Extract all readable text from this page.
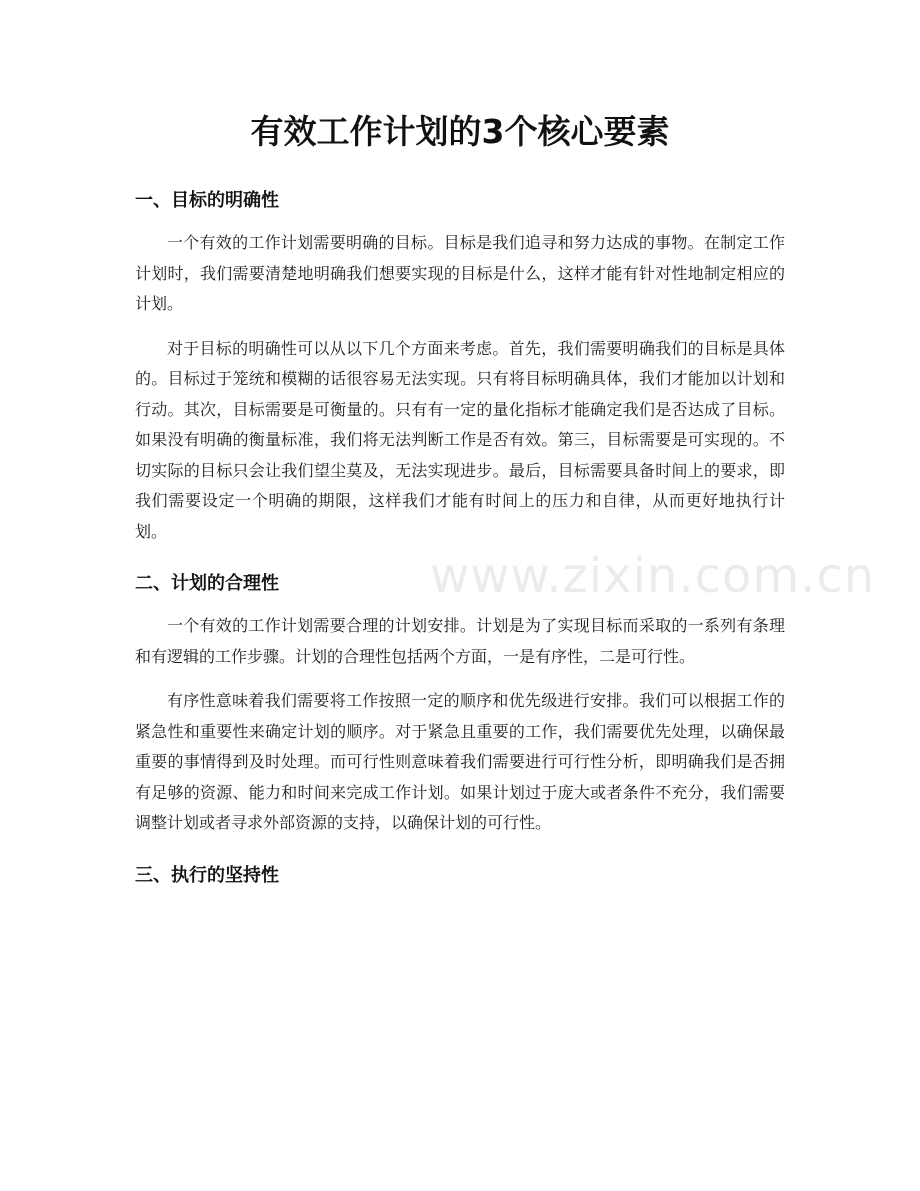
有效工作计划的3个核心要素
一、目标的明确性

一个有效的工作计划需要明确的目标。目标是我们追寻和努力达成的事物。在制定工作计划时，我们需要清楚地明确我们想要实现的目标是什么，这样才能有针对性地制定相应的计划。

对于目标的明确性可以从以下几个方面来考虑。首先，我们需要明确我们的目标是具体的。目标过于笼统和模糊的话很容易无法实现。只有将目标明确具体，我们才能加以计划和行动。其次，目标需要是可衡量的。只有有一定的量化指标才能确定我们是否达成了目标。如果没有明确的衡量标准，我们将无法判断工作是否有效。第三，目标需要是可实现的。不切实际的目标只会让我们望尘莫及，无法实现进步。最后，目标需要具备时间上的要求，即我们需要设定一个明确的期限，这样我们才能有时间上的压力和自律，从而更好地执行计划。

二、计划的合理性

一个有效的工作计划需要合理的计划安排。计划是为了实现目标而采取的一系列有条理和有逻辑的工作步骤。计划的合理性包括两个方面，一是有序性，二是可行性。

有序性意味着我们需要将工作按照一定的顺序和优先级进行安排。我们可以根据工作的紧急性和重要性来确定计划的顺序。对于紧急且重要的工作，我们需要优先处理，以确保最重要的事情得到及时处理。而可行性则意味着我们需要进行可行性分析，即明确我们是否拥有足够的资源、能力和时间来完成工作计划。如果计划过于庞大或者条件不充分，我们需要调整计划或者寻求外部资源的支持，以确保计划的可行性。

三、执行的坚持性
www.zixin.com.cn
